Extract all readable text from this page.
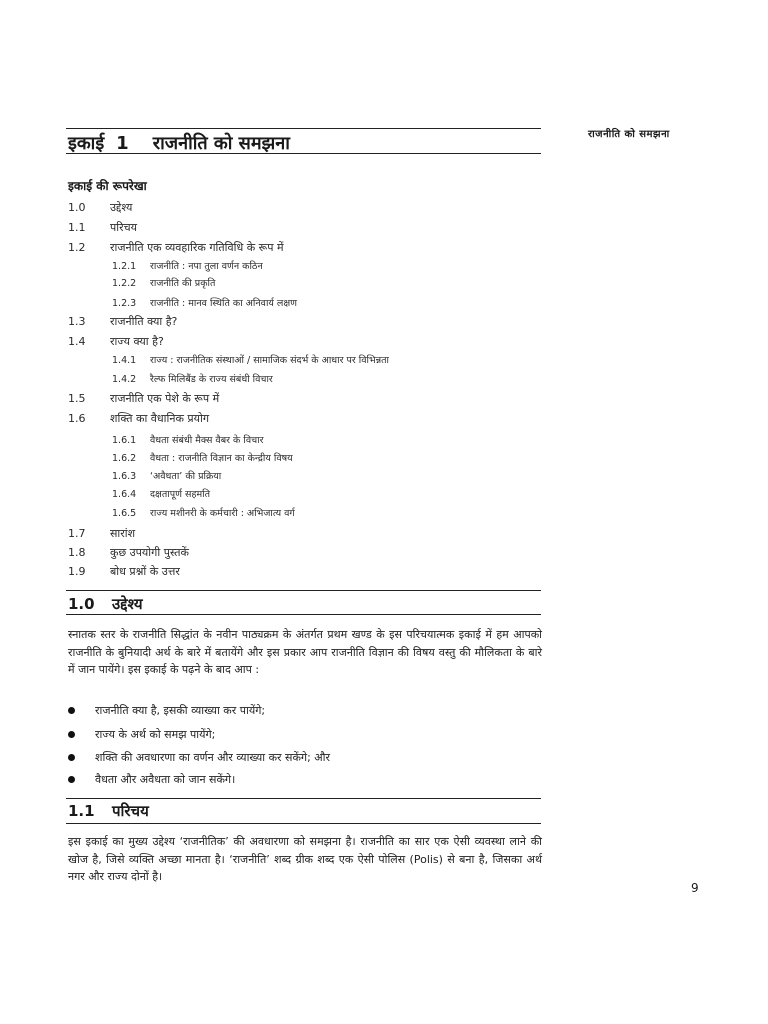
राजनीति को समझना
इकाई 1 राजनीति को समझना
इकाई की रूपरेखा
1.0 उद्देश्य
1.1 परिचय
1.2 राजनीति एक व्यवहारिक गतिविधि के रूप में
1.2.1 राजनीति : नपा तुला वर्णन कठिन
1.2.2 राजनीति की प्रकृति
1.2.3 राजनीति : मानव स्थिति का अनिवार्य लक्षण
1.3 राजनीति क्या है?
1.4 राज्य क्या है?
1.4.1 राज्य : राजनीतिक संस्थाओं / सामाजिक संदर्भ के आधार पर विभिन्नता
1.4.2 रैल्फ मिलिबैंड के राज्य संबंधी विचार
1.5 राजनीति एक पेशे के रूप में
1.6 शक्ति का वैधानिक प्रयोग
1.6.1 वैधता संबंधी मैक्स वैबर के विचार
1.6.2 वैधता : राजनीति विज्ञान का केन्द्रीय विषय
1.6.3 ‘अवैधता’ की प्रक्रिया
1.6.4 दक्षतापूर्ण सहमति
1.6.5 राज्य मशीनरी के कर्मचारी : अभिजात्य वर्ग
1.7 सारांश
1.8 कुछ उपयोगी पुस्तकें
1.9 बोध प्रश्नों के उत्तर
1.0 उद्देश्य

स्नातक स्तर के राजनीति सिद्धांत के नवीन पाठ्यक्रम के अंतर्गत प्रथम खण्ड के इस परिचयात्मक इकाई में हम आपको राजनीति के बुनियादी अर्थ के बारे में बतायेंगे और इस प्रकार आप राजनीति विज्ञान की विषय वस्तु की मौलिकता के बारे में जान पायेंगे। इस इकाई के पढ़ने के बाद आप :

राजनीति क्या है, इसकी व्याख्या कर पायेंगे;
राज्य के अर्थ को समझ पायेंगे;
शक्ति की अवधारणा का वर्णन और व्याख्या कर सकेंगे; और
वैधता और अवैधता को जान सकेंगे।
1.1 परिचय

इस इकाई का मुख्य उद्देश्य ‘राजनीतिक’ की अवधारणा को समझना है। राजनीति का सार एक ऐसी व्यवस्था लाने की खोज है, जिसे व्यक्ति अच्छा मानता है। ‘राजनीति’ शब्द ग्रीक शब्द एक ऐसी पोलिस (Polis) से बना है, जिसका अर्थ नगर और राज्य दोनों है।

9
